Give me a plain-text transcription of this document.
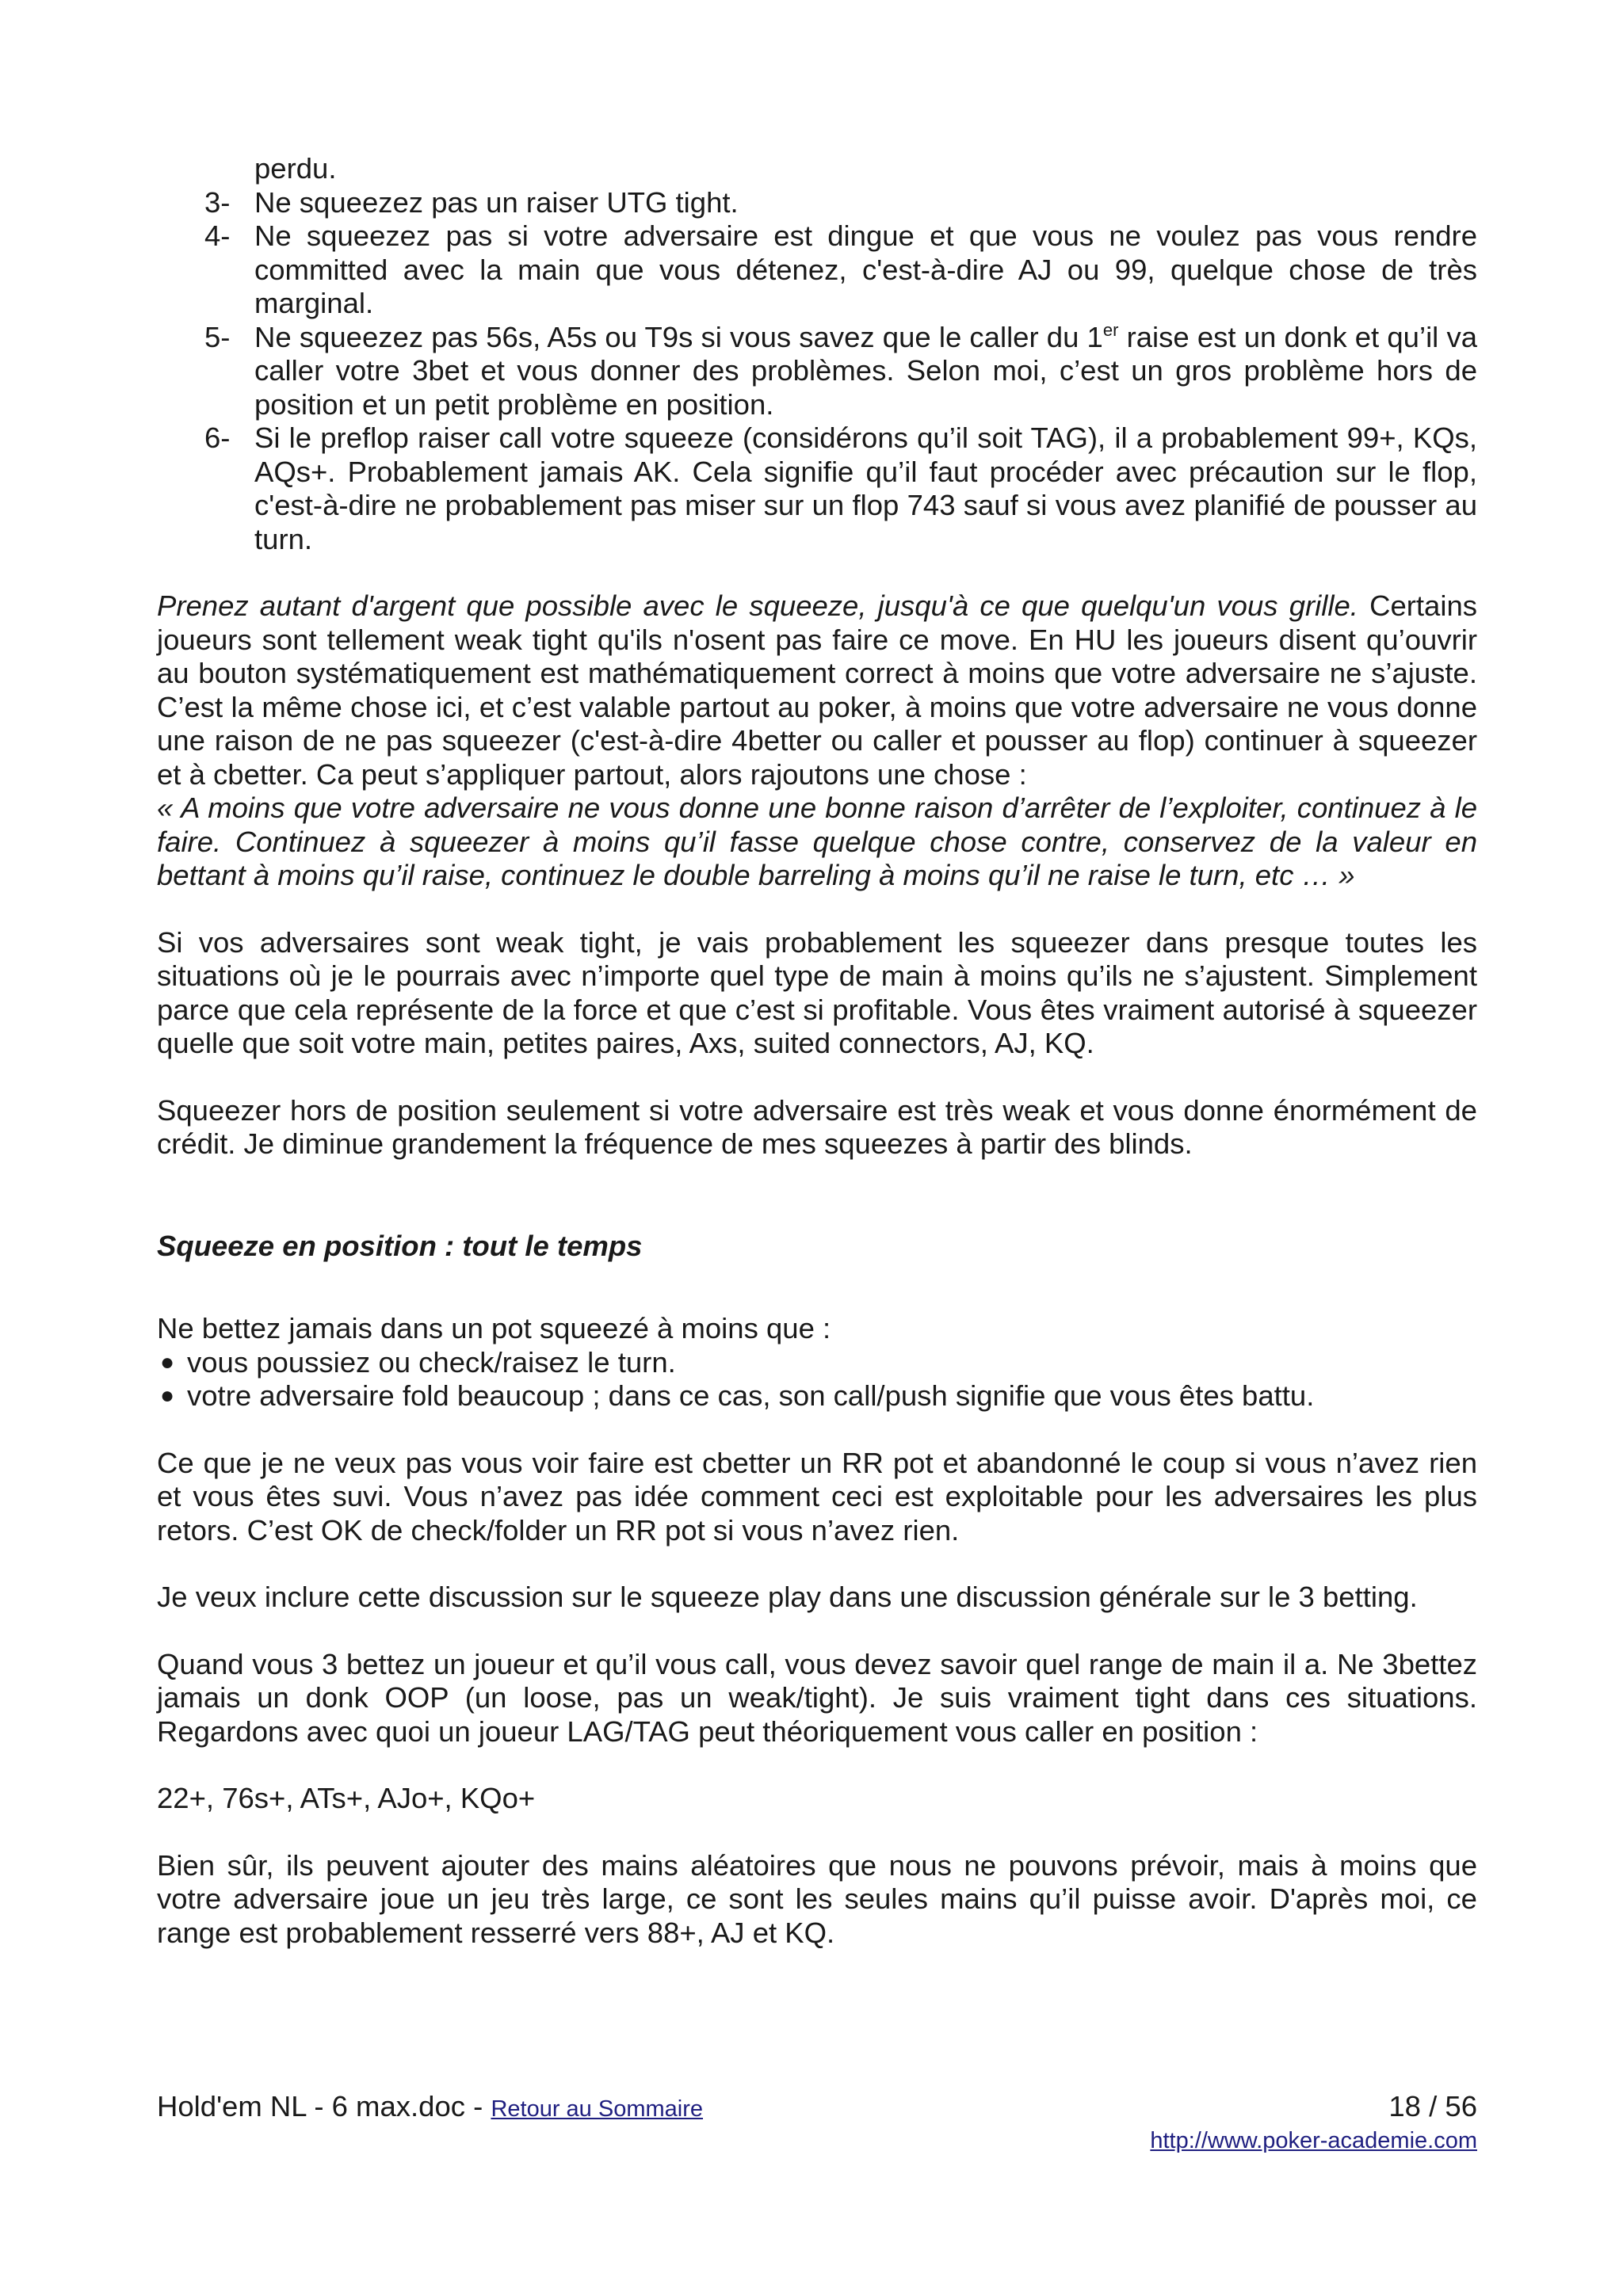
perdu.
3- Ne squeezez pas un raiser UTG tight.
4- Ne squeezez pas si votre adversaire est dingue et que vous ne voulez pas vous rendre committed avec la main que vous détenez, c'est-à-dire AJ ou 99, quelque chose de très marginal.
5- Ne squeezez pas 56s, A5s ou T9s si vous savez que le caller du 1er raise est un donk et qu’il va caller votre 3bet et vous donner des problèmes. Selon moi, c’est un gros problème hors de position et un petit problème en position.
6- Si le preflop raiser call votre squeeze (considérons qu’il soit TAG), il a probablement 99+, KQs, AQs+. Probablement jamais AK. Cela signifie qu’il faut procéder avec précaution sur le flop, c'est-à-dire ne probablement pas miser sur un flop 743 sauf si vous avez planifié de pousser au turn.

Prenez autant d'argent que possible avec le squeeze, jusqu'à ce que quelqu'un vous grille. Certains joueurs sont tellement weak tight qu'ils n'osent pas faire ce move. En HU les joueurs disent qu’ouvrir au bouton systématiquement est mathématiquement correct à moins que votre adversaire ne s’ajuste. C’est la même chose ici, et c’est valable partout au poker, à moins que votre adversaire ne vous donne une raison de ne pas squeezer (c'est-à-dire 4better ou caller et pousser au flop) continuer à squeezer et à cbetter. Ca peut s’appliquer partout, alors rajoutons une chose :

« A moins que votre adversaire ne vous donne une bonne raison d’arrêter de l’exploiter, continuez à le faire. Continuez à squeezer à moins qu’il fasse quelque chose contre, conservez de la valeur en bettant à moins qu’il raise, continuez le double barreling à moins qu’il ne raise le turn, etc … »

Si vos adversaires sont weak tight, je vais probablement les squeezer dans presque toutes les situations où je le pourrais avec n’importe quel type de main à moins qu’ils ne s’ajustent. Simplement parce que cela représente de la force et que c’est si profitable. Vous êtes vraiment autorisé à squeezer quelle que soit votre main, petites paires, Axs, suited connectors, AJ, KQ.

Squeezer hors de position seulement si votre adversaire est très weak et vous donne énormément de crédit. Je diminue grandement la fréquence de mes squeezes à partir des blinds.

Squeeze en position : tout le temps

Ne bettez jamais dans un pot squeezé à moins que :

● vous poussiez ou check/raisez le turn.
● votre adversaire fold beaucoup ; dans ce cas, son call/push signifie que vous êtes battu.

Ce que je ne veux pas vous voir faire est cbetter un RR pot et abandonné le coup si vous n’avez rien et vous êtes suvi. Vous n’avez pas idée comment ceci est exploitable pour les adversaires les plus retors. C’est OK de check/folder un RR pot si vous n’avez rien.

Je veux inclure cette discussion sur le squeeze play dans une discussion générale sur le 3 betting.

Quand vous 3 bettez un joueur et qu’il vous call, vous devez savoir quel range de main il a. Ne 3bettez jamais un donk OOP (un loose, pas un weak/tight). Je suis vraiment tight dans ces situations. Regardons avec quoi un joueur LAG/TAG peut théoriquement vous caller en position :

22+, 76s+, ATs+, AJo+, KQo+

Bien sûr, ils peuvent ajouter des mains aléatoires que nous ne pouvons prévoir, mais à moins que votre adversaire joue un jeu très large, ce sont les seules mains qu’il puisse avoir. D'après moi, ce range est probablement resserré vers 88+, AJ et KQ.

Hold'em NL - 6 max.doc - Retour au Sommaire	18 / 56
http://www.poker-academie.com
